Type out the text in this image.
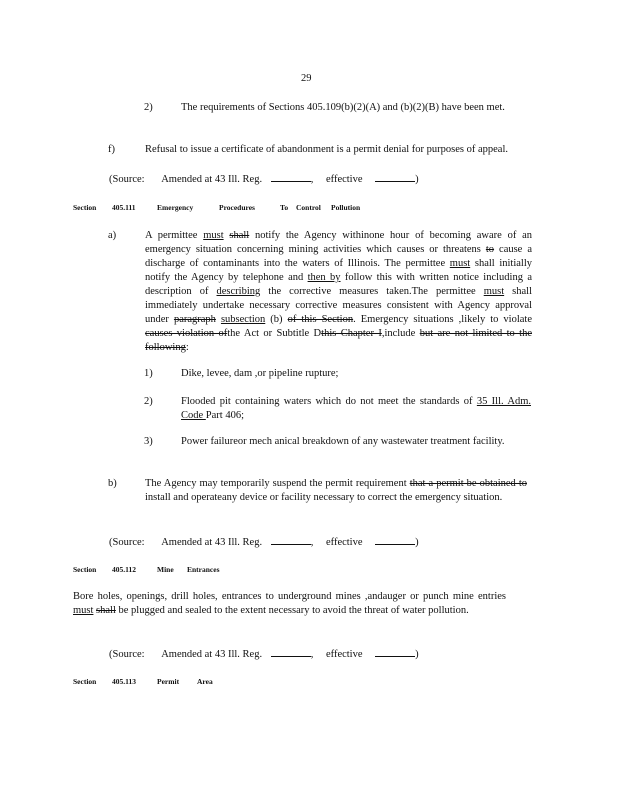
29
2)	The requirements of Sections 405.109(b)(2)(A) and (b)(2)(B) have been met.
f)	Refusal to issue a certificate of abandonment is a permit denial for purposes of appeal.
(Source: Amended at 43 Ill. Reg.	, effective	)
Section 405.111	Emergency	Procedures	To Control Pollution
a)	A permittee must shall notify the Agency withinone hour of becoming aware of an emergency situation concerning mining activities which causes or threatens to cause a discharge of contaminants into the waters of Illinois. The permittee must shall initially notify the Agency by telephone and then by follow this with written notice including a description of describing the corrective measures taken.The permittee must shall immediately undertake necessary corrective measures consistent with Agency approval under paragraph subsection (b) of this Section. Emergency situations ,likely to violate causes violation ofthe Act or Subtitle Dthis Chapter I,include but are not limited to the following:
1)	Dike, levee, dam ,or pipeline rupture;
2)	Flooded pit containing waters which do not meet the standards of 35 Ill. Adm. Code Part 406;
3)	Power failureor mech anical breakdown of any wastewater treatment facility.
b)	The Agency may temporarily suspend the permit requirement that a permit be obtained to install and operateany device or facility necessary to correct the emergency situation.
(Source: Amended at 43 Ill. Reg.	, effective	)
Section 405.112	Mine Entrances
Bore holes, openings, drill holes, entrances to underground mines ,andauger or punch mine entries must shall be plugged and sealed to the extent necessary to avoid the threat of water pollution.
(Source: Amended at 43 Ill. Reg.	, effective	)
Section 405.113	Permit Area
